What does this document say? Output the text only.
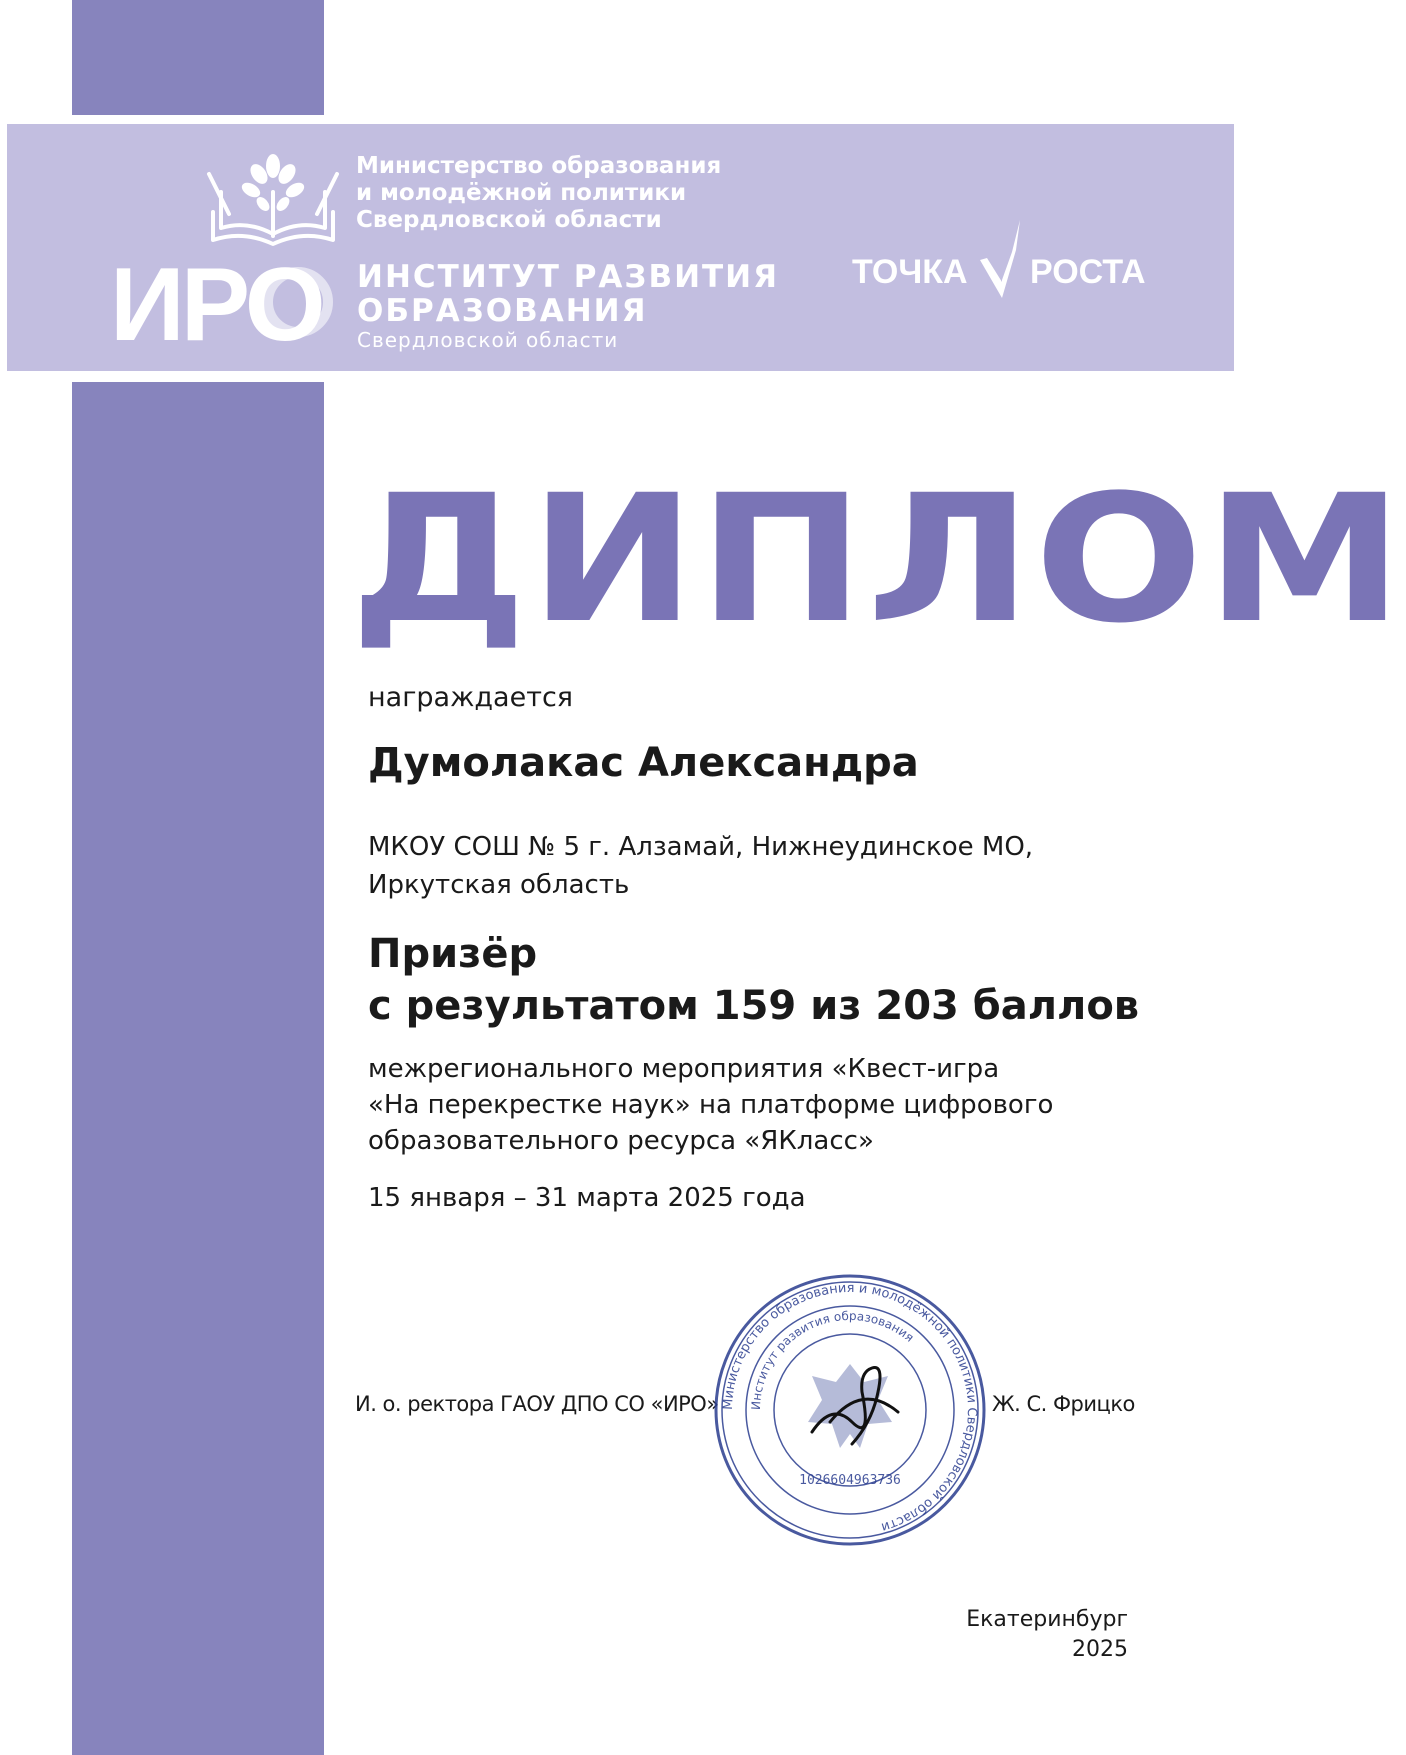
Министерство образования
и молодёжной политики
Свердловской области
ИРО ИНСТИТУТ РАЗВИТИЯ
ОБРАЗОВАНИЯ
Свердловской области
ТОЧКА РОСТА
ДИПЛОМ
награждается
Думолакас Александра
МКОУ СОШ № 5 г. Алзамай, Нижнеудинское МО,
Иркутская область
Призёр
с результатом 159 из 203 баллов
межрегионального мероприятия «Квест-игра
«На перекрестке наук» на платформе цифрового
образовательного ресурса «ЯКласс»
15 января – 31 марта 2025 года
И. о. ректора ГАОУ ДПО СО «ИРО» Министерство образования и молодёжной политики Свердловской области
Институт развития образования
1026604963736
Ж. С. Фрицко
Екатеринбург
2025
